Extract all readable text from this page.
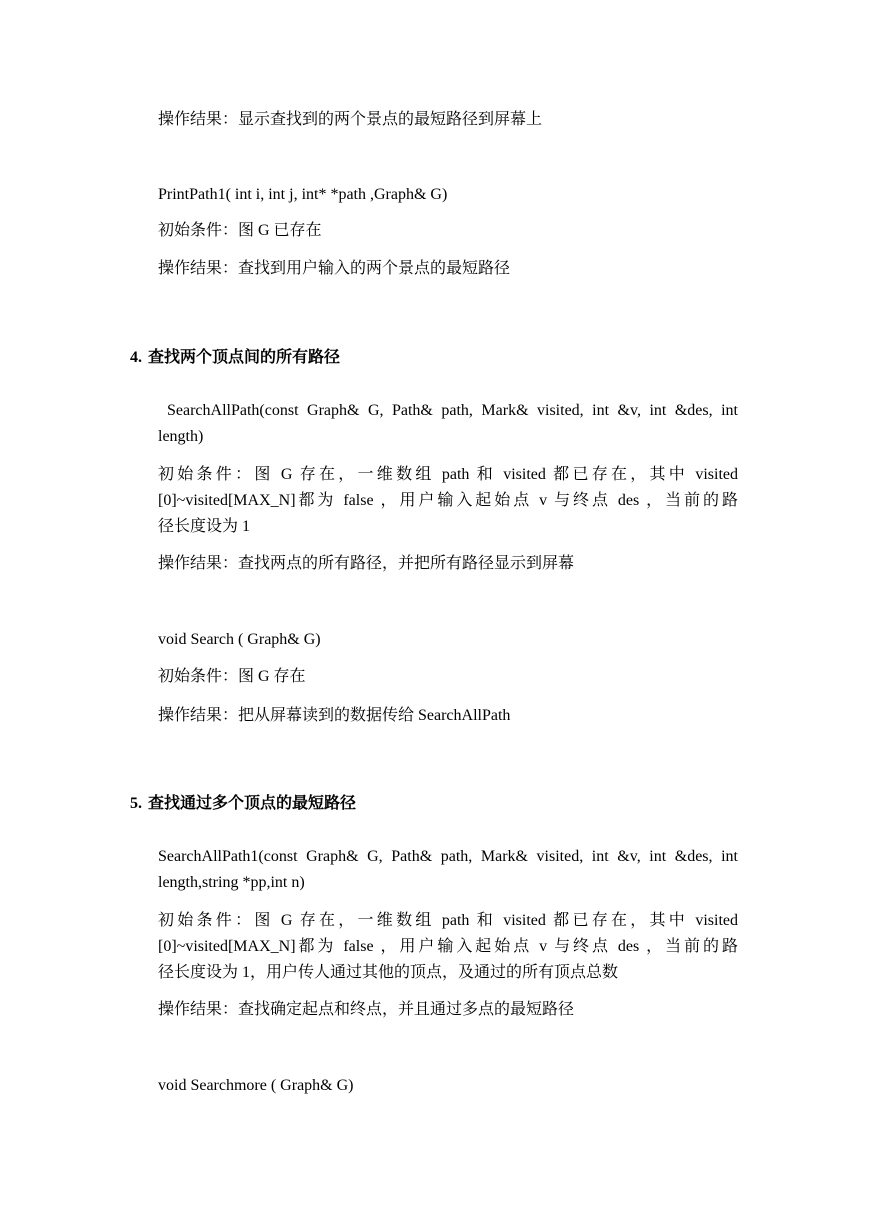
操作结果：显示查找到的两个景点的最短路径到屏幕上
PrintPath1( int i, int j, int* *path ,Graph& G)
初始条件：图 G 已存在
操作结果：查找到用户输入的两个景点的最短路径
4. 查找两个顶点间的所有路径
SearchAllPath(const Graph& G, Path& path, Mark& visited, int &v, int &des, int
length)
初始条件：图 G 存在，一维数组 path 和 visited 都已存在，其中 visited
[0]~visited[MAX_N]都为 false ，用户输入起始点 v 与终点 des ，当前的路
径长度设为 1
操作结果：查找两点的所有路径，并把所有路径显示到屏幕
void Search ( Graph& G)
初始条件：图 G 存在
操作结果：把从屏幕读到的数据传给 SearchAllPath
5. 查找通过多个顶点的最短路径
SearchAllPath1(const Graph& G, Path& path, Mark& visited, int &v, int &des, int
length,string *pp,int n)
初始条件：图 G 存在，一维数组 path 和 visited 都已存在，其中 visited
[0]~visited[MAX_N]都为 false ，用户输入起始点 v 与终点 des ，当前的路
径长度设为 1，用户传人通过其他的顶点，及通过的所有顶点总数
操作结果：查找确定起点和终点，并且通过多点的最短路径
void Searchmore ( Graph& G)
